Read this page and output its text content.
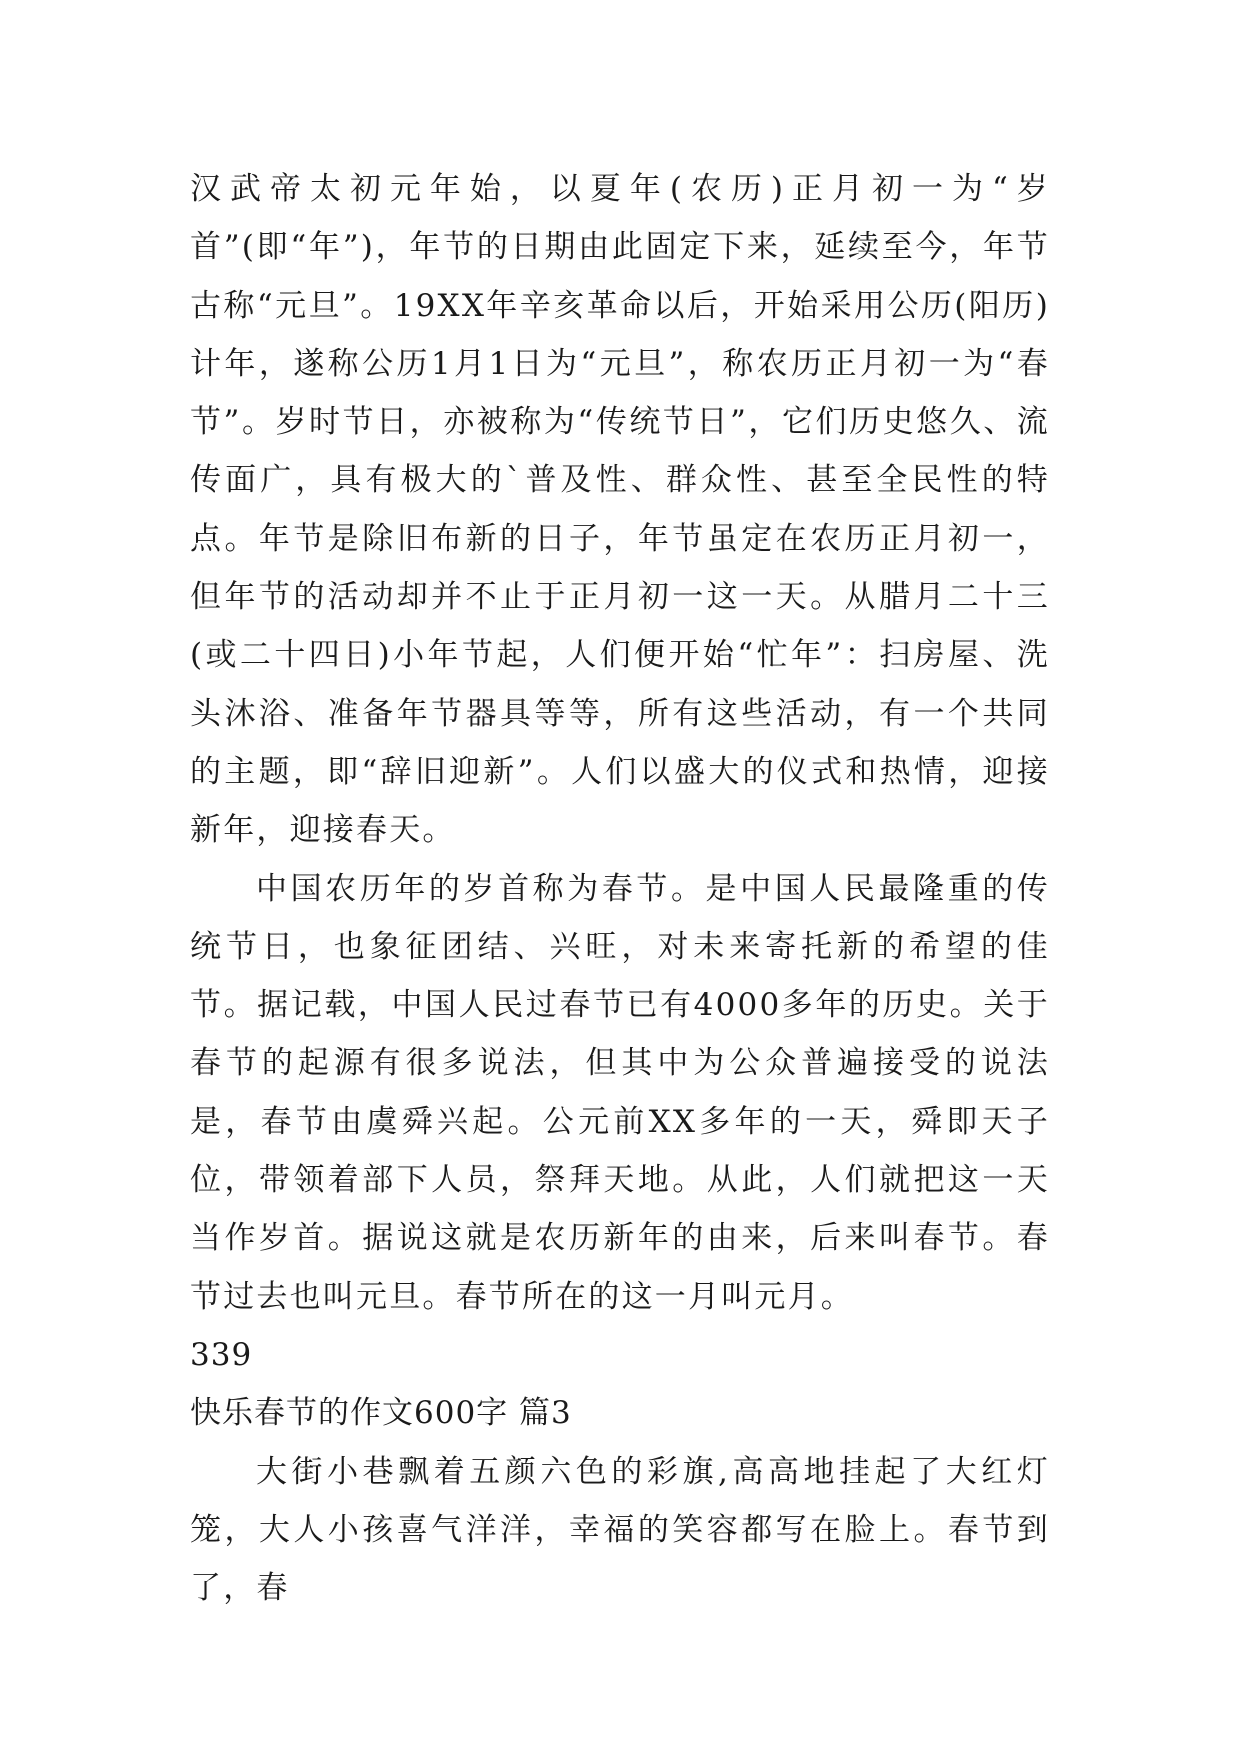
汉武帝太初元年始，以夏年(农历)正月初一为“岁首”(即“年”)，年节的日期由此固定下来，延续至今，年节古称“元旦”。19XX年辛亥革命以后，开始采用公历(阳历)计年，遂称公历1月1日为“元旦”，称农历正月初一为“春节”。岁时节日，亦被称为“传统节日”，它们历史悠久、流传面广，具有极大的`普及性、群众性、甚至全民性的特点。年节是除旧布新的日子，年节虽定在农历正月初一，但年节的活动却并不止于正月初一这一天。从腊月二十三(或二十四日)小年节起，人们便开始“忙年”：扫房屋、洗头沐浴、准备年节器具等等，所有这些活动，有一个共同的主题，即“辞旧迎新”。人们以盛大的仪式和热情，迎接新年，迎接春天。

中国农历年的岁首称为春节。是中国人民最隆重的传统节日，也象征团结、兴旺，对未来寄托新的希望的佳节。据记载，中国人民过春节已有4000多年的历史。关于春节的起源有很多说法，但其中为公众普遍接受的说法是，春节由虞舜兴起。公元前XX多年的一天，舜即天子位，带领着部下人员，祭拜天地。从此，人们就把这一天当作岁首。据说这就是农历新年的由来，后来叫春节。春节过去也叫元旦。春节所在的这一月叫元月。

339

快乐春节的作文600字 篇3

大街小巷飘着五颜六色的彩旗,高高地挂起了大红灯笼，大人小孩喜气洋洋，幸福的笑容都写在脸上。春节到了，春
